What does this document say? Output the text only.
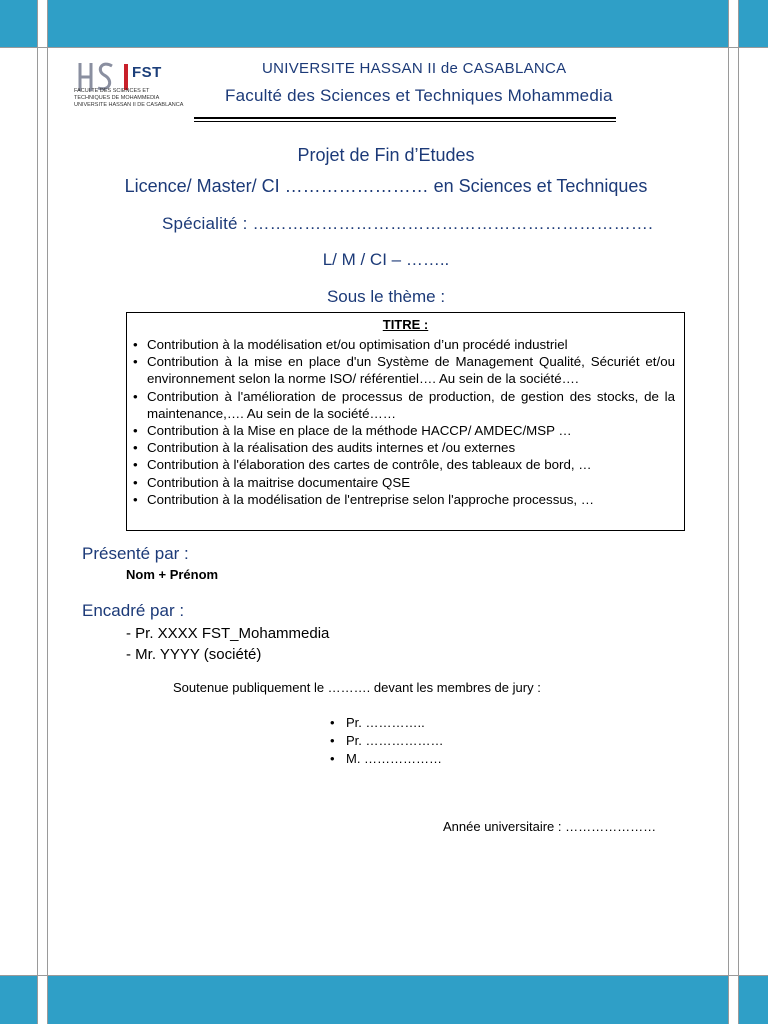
FST
FACULTE DES SCIENCES ET
TECHNIQUES DE MOHAMMEDIA
UNIVERSITE HASSAN II DE CASABLANCA
UNIVERSITE HASSAN II de CASABLANCA
Faculté des Sciences et Techniques Mohammedia
Projet de Fin d’Etudes
Licence/ Master/ CI …………………… en Sciences et Techniques
Spécialité : …………………………………………………………….
L/ M / CI – ……..
Sous le thème :
TITRE :
• Contribution à la modélisation et/ou optimisation d’un procédé industriel
• Contribution à la mise en place d'un Système de Management Qualité, Sécuriét et/ou environnement selon la norme ISO/ référentiel…. Au sein de la société….
• Contribution à l'amélioration de processus de production, de gestion des stocks, de la maintenance,…. Au sein de la société……
• Contribution à la Mise en place de la méthode HACCP/ AMDEC/MSP …
• Contribution à la réalisation des audits internes et /ou externes
• Contribution à l'élaboration des cartes de contrôle, des tableaux de bord, …
• Contribution à la maitrise documentaire QSE
• Contribution à la modélisation de l'entreprise selon l'approche processus, …
Présenté par :
Nom + Prénom
Encadré par :
- Pr. XXXX FST_Mohammedia
- Mr. YYYY (société)
Soutenue publiquement le ………. devant les membres de jury :
• Pr. …………..
• Pr. ………………
• M. ………………
Année universitaire : …………………
